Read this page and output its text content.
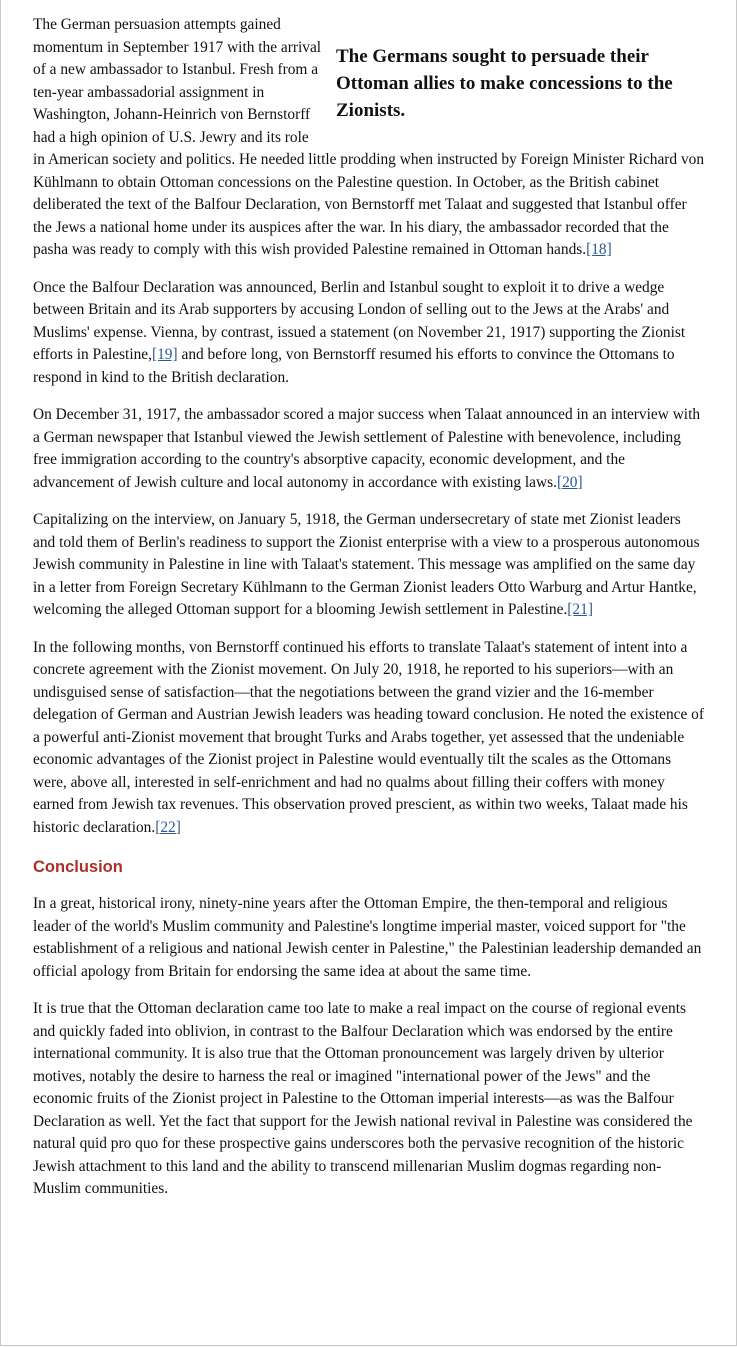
The Germans sought to persuade their Ottoman allies to make concessions to the Zionists.
The German persuasion attempts gained momentum in September 1917 with the arrival of a new ambassador to Istanbul. Fresh from a ten-year ambassadorial assignment in Washington, Johann-Heinrich von Bernstorff had a high opinion of U.S. Jewry and its role in American society and politics. He needed little prodding when instructed by Foreign Minister Richard von Kühlmann to obtain Ottoman concessions on the Palestine question. In October, as the British cabinet deliberated the text of the Balfour Declaration, von Bernstorff met Talaat and suggested that Istanbul offer the Jews a national home under its auspices after the war. In his diary, the ambassador recorded that the pasha was ready to comply with this wish provided Palestine remained in Ottoman hands.[18]

Once the Balfour Declaration was announced, Berlin and Istanbul sought to exploit it to drive a wedge between Britain and its Arab supporters by accusing London of selling out to the Jews at the Arabs' and Muslims' expense. Vienna, by contrast, issued a statement (on November 21, 1917) supporting the Zionist efforts in Palestine,[19] and before long, von Bernstorff resumed his efforts to convince the Ottomans to respond in kind to the British declaration.

On December 31, 1917, the ambassador scored a major success when Talaat announced in an interview with a German newspaper that Istanbul viewed the Jewish settlement of Palestine with benevolence, including free immigration according to the country's absorptive capacity, economic development, and the advancement of Jewish culture and local autonomy in accordance with existing laws.[20]

Capitalizing on the interview, on January 5, 1918, the German undersecretary of state met Zionist leaders and told them of Berlin's readiness to support the Zionist enterprise with a view to a prosperous autonomous Jewish community in Palestine in line with Talaat's statement. This message was amplified on the same day in a letter from Foreign Secretary Kühlmann to the German Zionist leaders Otto Warburg and Artur Hantke, welcoming the alleged Ottoman support for a blooming Jewish settlement in Palestine.[21]

In the following months, von Bernstorff continued his efforts to translate Talaat's statement of intent into a concrete agreement with the Zionist movement. On July 20, 1918, he reported to his superiors—with an undisguised sense of satisfaction—that the negotiations between the grand vizier and the 16-member delegation of German and Austrian Jewish leaders was heading toward conclusion. He noted the existence of a powerful anti-Zionist movement that brought Turks and Arabs together, yet assessed that the undeniable economic advantages of the Zionist project in Palestine would eventually tilt the scales as the Ottomans were, above all, interested in self-enrichment and had no qualms about filling their coffers with money earned from Jewish tax revenues. This observation proved prescient, as within two weeks, Talaat made his historic declaration.[22]

Conclusion

In a great, historical irony, ninety-nine years after the Ottoman Empire, the then-temporal and religious leader of the world's Muslim community and Palestine's longtime imperial master, voiced support for "the establishment of a religious and national Jewish center in Palestine," the Palestinian leadership demanded an official apology from Britain for endorsing the same idea at about the same time.

It is true that the Ottoman declaration came too late to make a real impact on the course of regional events and quickly faded into oblivion, in contrast to the Balfour Declaration which was endorsed by the entire international community. It is also true that the Ottoman pronouncement was largely driven by ulterior motives, notably the desire to harness the real or imagined "international power of the Jews" and the economic fruits of the Zionist project in Palestine to the Ottoman imperial interests—as was the Balfour Declaration as well. Yet the fact that support for the Jewish national revival in Palestine was considered the natural quid pro quo for these prospective gains underscores both the pervasive recognition of the historic Jewish attachment to this land and the ability to transcend millenarian Muslim dogmas regarding non-Muslim communities.
